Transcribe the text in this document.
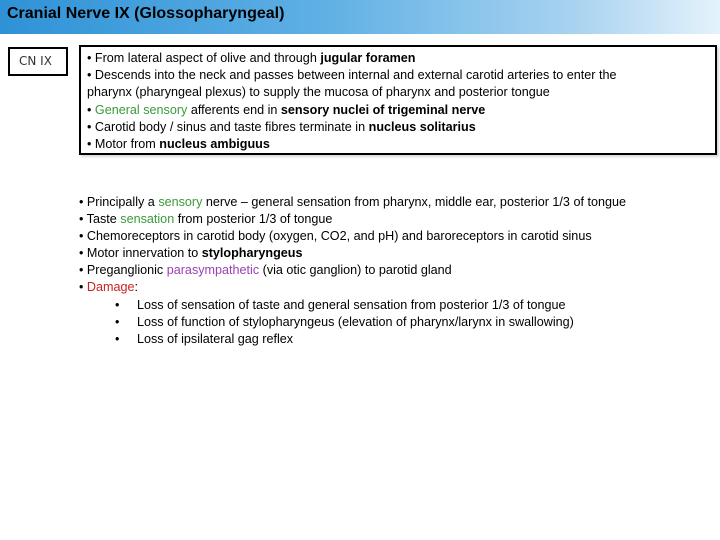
Cranial Nerve IX (Glossopharyngeal)
CN IX	• From lateral aspect of olive and through jugular foramen
• Descends into the neck and passes between internal and external carotid arteries to enter the
pharynx (pharyngeal plexus) to supply the mucosa of pharynx and posterior tongue
• General sensory afferents end in sensory nuclei of trigeminal nerve
• Carotid body / sinus and taste fibres terminate in nucleus solitarius
• Motor from nucleus ambiguus
• Principally a sensory nerve – general sensation from pharynx, middle ear, posterior 1/3 of tongue
• Taste sensation from posterior 1/3 of tongue
• Chemoreceptors in carotid body (oxygen, CO2, and pH) and baroreceptors in carotid sinus
• Motor innervation to stylopharyngeus
• Preganglionic parasympathetic (via otic ganglion) to parotid gland
• Damage:
• Loss of sensation of taste and general sensation from posterior 1/3 of tongue
• Loss of function of stylopharyngeus (elevation of pharynx/larynx in swallowing)
• Loss of ipsilateral gag reflex
